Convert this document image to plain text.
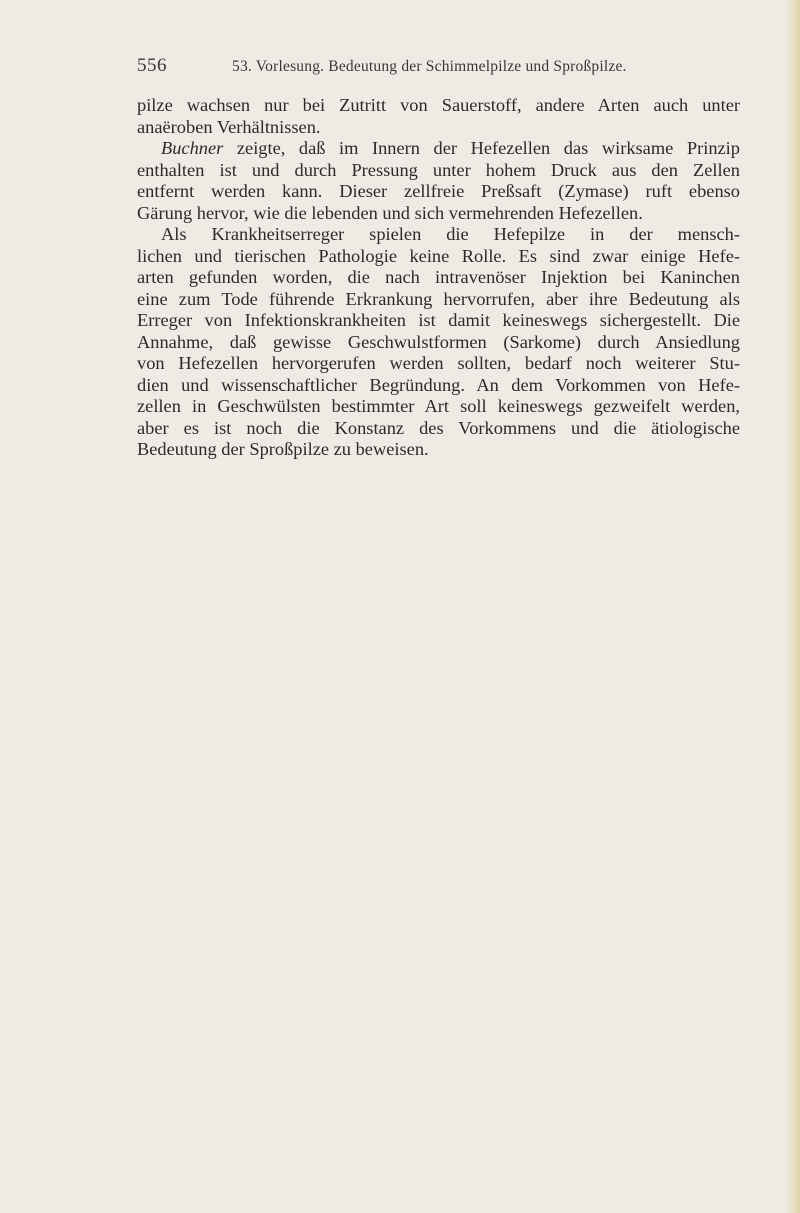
556	53. Vorlesung. Bedeutung der Schimmelpilze und Sproßpilze.
pilze wachsen nur bei Zutritt von Sauerstoff, andere Arten auch unter
anaëroben Verhältnissen.
Buchner zeigte, daß im Innern der Hefezellen das wirksame Prinzip
enthalten ist und durch Pressung unter hohem Druck aus den Zellen
entfernt werden kann. Dieser zellfreie Preßsaft (Zymase) ruft ebenso
Gärung hervor, wie die lebenden und sich vermehrenden Hefezellen.
Als Krankheitserreger spielen die Hefepilze in der mensch-
lichen und tierischen Pathologie keine Rolle. Es sind zwar einige Hefe-
arten gefunden worden, die nach intravenöser Injektion bei Kaninchen
eine zum Tode führende Erkrankung hervorrufen, aber ihre Bedeutung als
Erreger von Infektionskrankheiten ist damit keineswegs sichergestellt. Die
Annahme, daß gewisse Geschwulstformen (Sarkome) durch Ansiedlung
von Hefezellen hervorgerufen werden sollten, bedarf noch weiterer Stu-
dien und wissenschaftlicher Begründung. An dem Vorkommen von Hefe-
zellen in Geschwülsten bestimmter Art soll keineswegs gezweifelt werden,
aber es ist noch die Konstanz des Vorkommens und die ätiologische
Bedeutung der Sproßpilze zu beweisen.
